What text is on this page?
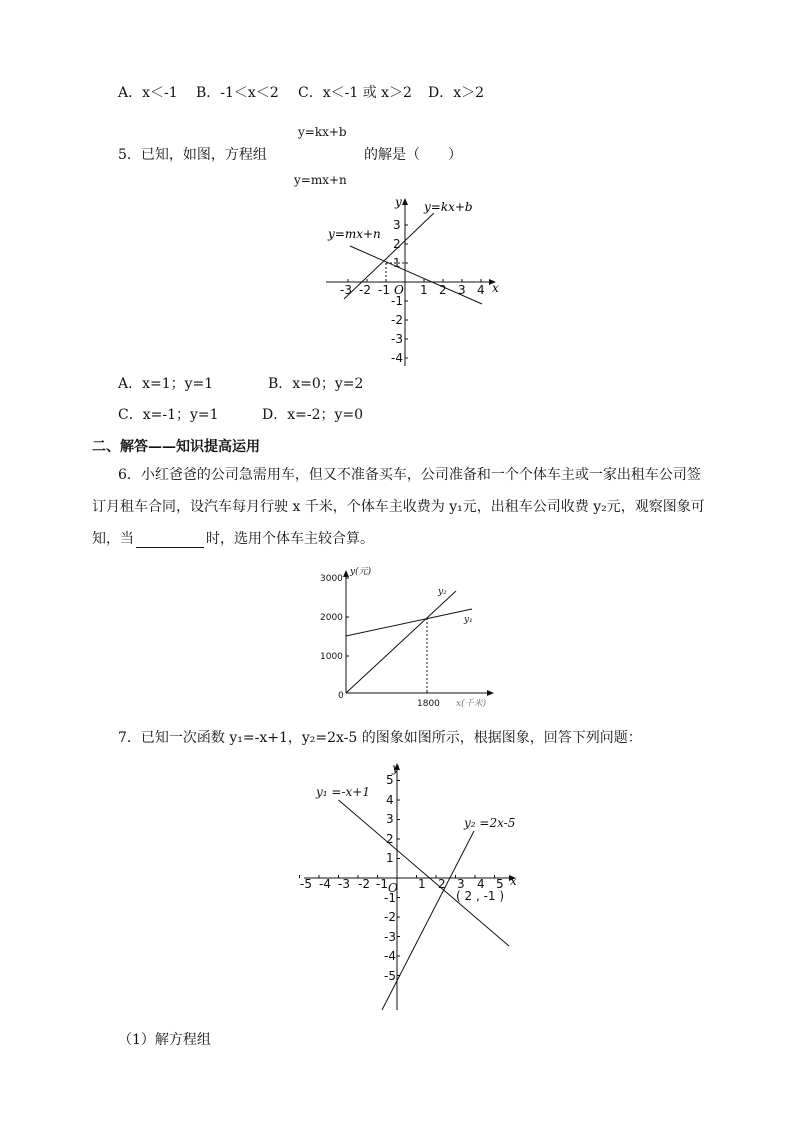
A．x＜-1 B．-1＜x＜2 C．x＜-1 或 x＞2 D．x＞2
y=kx+b
5．已知，如图，方程组	的解是（　　）
y=mx+n
y=kx+b
y=mx+n
x
y
O
-3 -2 -1	1 2 3 4
3
2
1
-1
-2
-3
-4
A．x=1；y=1	B．x=0；y=2
C．x=-1；y=1	D．x=-2；y=0
二、解答——知识提高运用
6．小红爸爸的公司急需用车，但又不准备买车，公司准备和一个个体车主或一家出租车公司签
订月租车合同，设汽车每月行驶 x 千米，个体车主收费为 y₁元，出租车公司收费 y₂元，观察图象可
知，当	时，选用个体车主较合算。
y(元)
3000
2000
1000
0
1800 x(千米)
y₂
y₁
7．已知一次函数 y₁=-x+1，y₂=2x-5 的图象如图所示，根据图象，回答下列问题：
y₁ =-x+1
y₂ =2x-5
( 2 , -1 )
x
y
O
-5 -4 -3 -2 -1	1 2 3 4 5
5
4
3
2
1
-1
-2
-3
-4
-5
（1）解方程组
